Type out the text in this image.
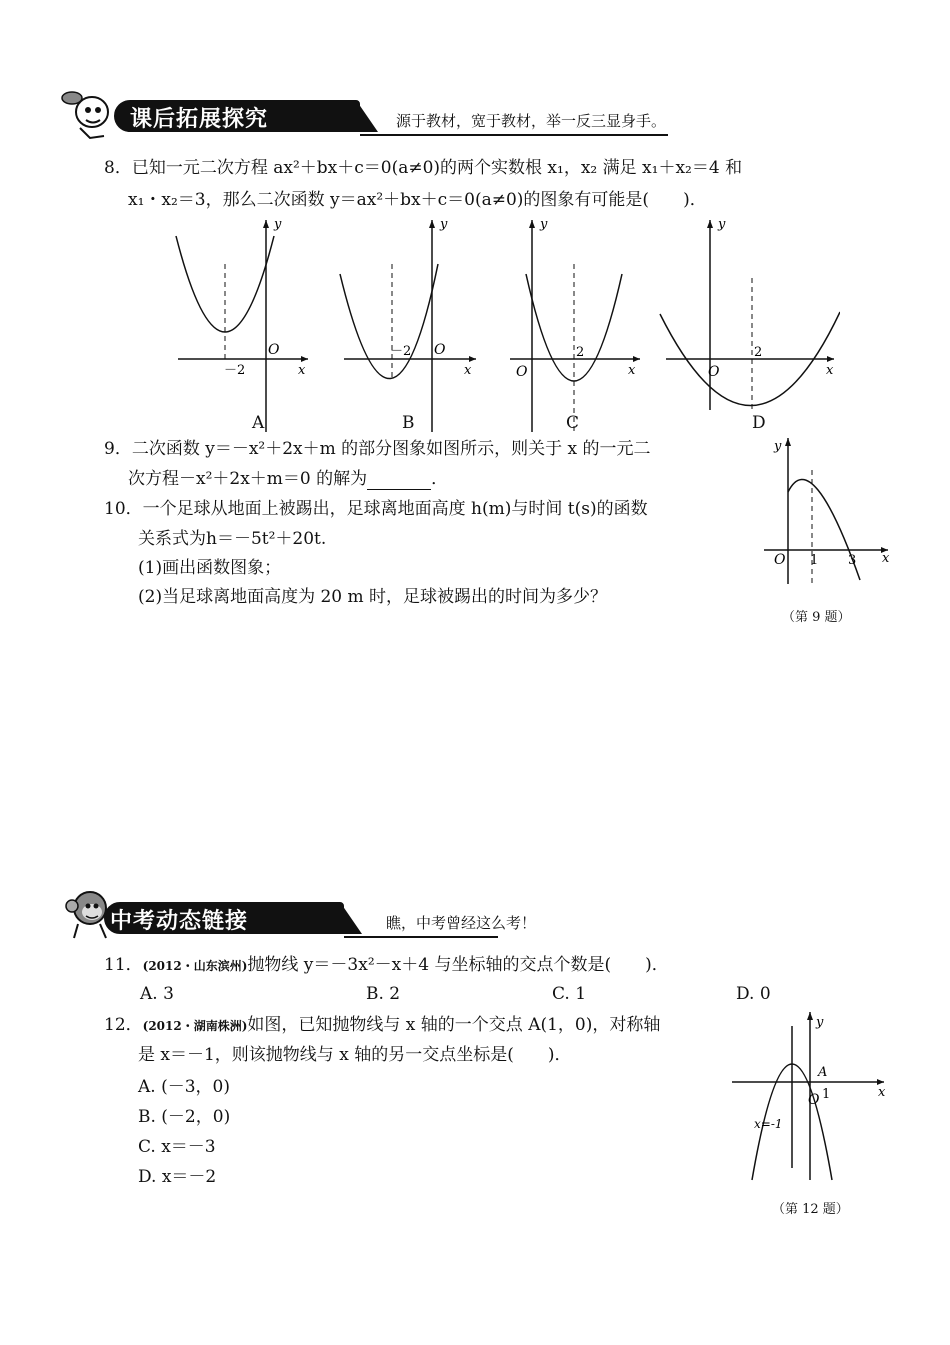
课后拓展探究	源于教材，宽于教材，举一反三显身手。
8．已知一元二次方程 ax²＋bx＋c＝0(a≠0)的两个实数根 x₁，x₂ 满足 x₁＋x₂＝4 和
x₁・x₂＝3，那么二次函数 y＝ax²＋bx＋c＝0(a≠0)的图象有可能是(　　)．
y
x
O
－2
A
y
x
O
－2
B
y
x
O
2
C
y
x
O
2
D
9．二次函数 y＝－x²＋2x＋m 的部分图象如图所示，则关于 x 的一元二
次方程－x²＋2x＋m＝0 的解为	．
y
x
O 1 3
（第 9 题）
10．一个足球从地面上被踢出，足球离地面高度 h(m)与时间 t(s)的函数
关系式为h＝－5t²＋20t.
(1)画出函数图象；
(2)当足球离地面高度为 20 m 时，足球被踢出的时间为多少？
中考动态链接	瞧，中考曾经这么考！
11．(2012・山东滨州)抛物线 y＝－3x²－x＋4 与坐标轴的交点个数是(　　)．
A. 3	B. 2	C. 1	D. 0
12．(2012・湖南株洲)如图，已知抛物线与 x 轴的一个交点 A(1，0)，对称轴
是 x＝－1，则该抛物线与 x 轴的另一交点坐标是(　　)．
A. (－3，0)
B. (－2，0)
C. x＝－3
D. x＝－2
y
x
O
A
1
x=-1
（第 12 题）
